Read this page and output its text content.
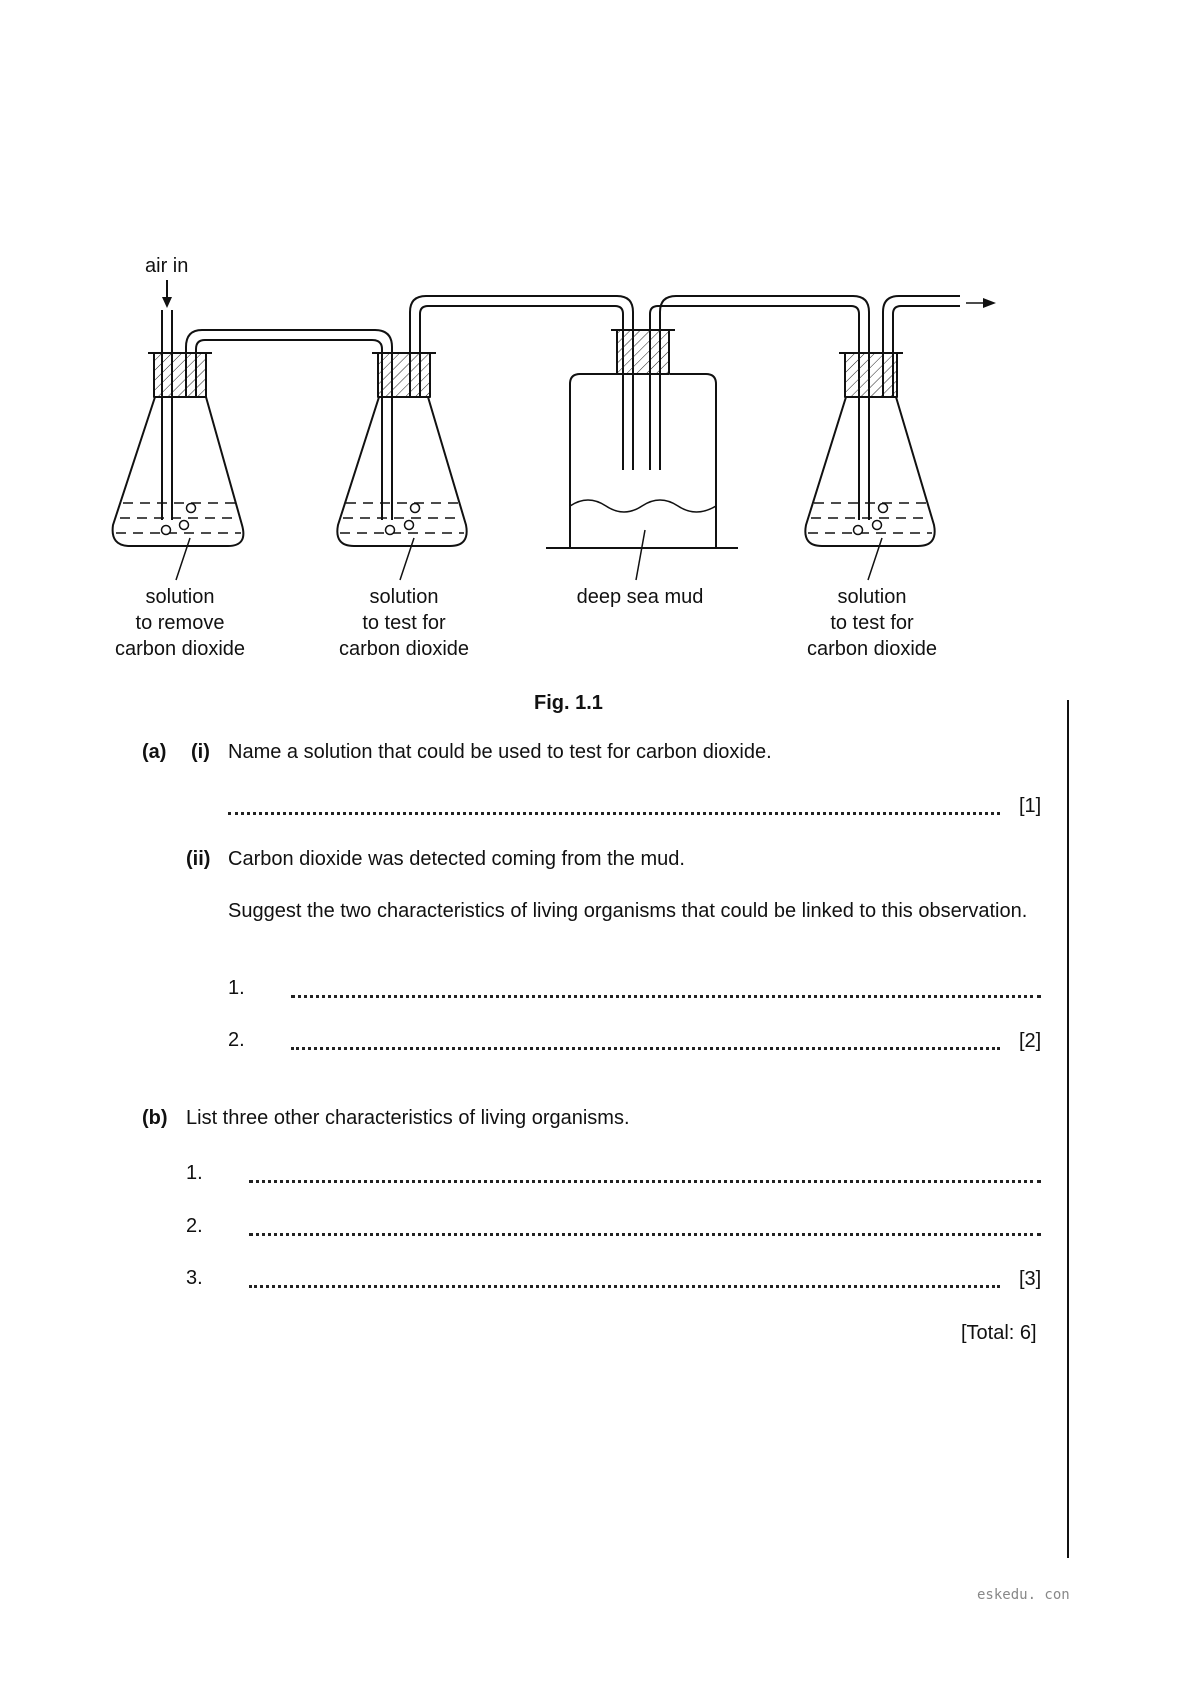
air in
solution
to remove
carbon dioxide
solution
to test for
carbon dioxide
deep sea mud	solution
to test for
carbon dioxide
Fig. 1.1
(a) (i) Name a solution that could be used to test for carbon dioxide.
[1]
(ii) Carbon dioxide was detected coming from the mud.
Suggest the two characteristics of living organisms that could be linked to this observation.
1.
2.	[2]
(b) List three other characteristics of living organisms.
1.
2.
3.	[3]
[Total: 6]
eskedu. con
